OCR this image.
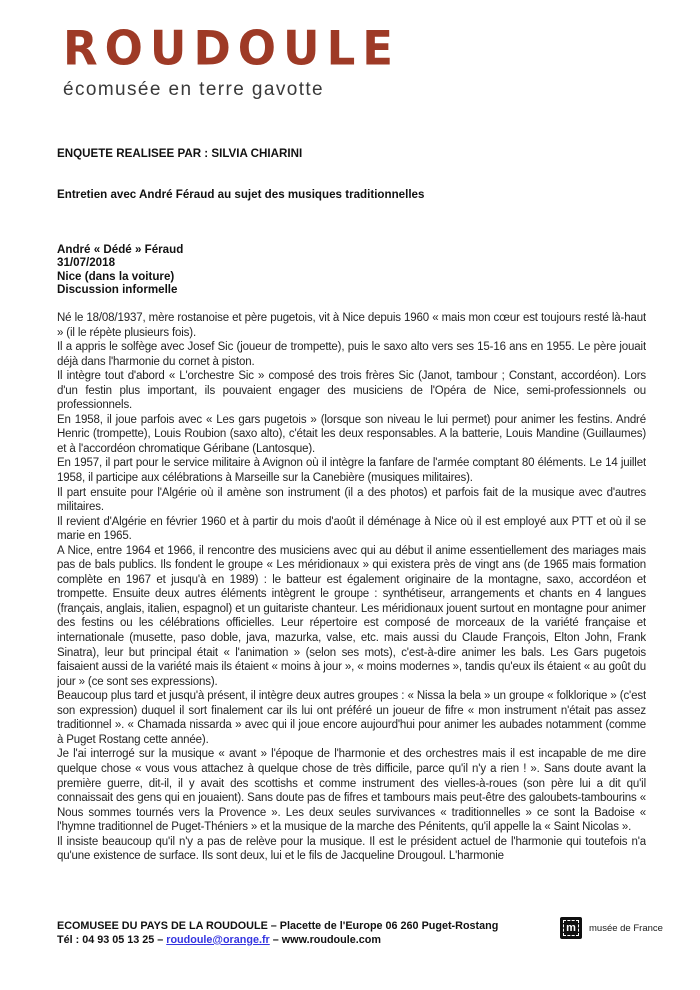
ROUDOULE
écomusée en terre gavotte
ENQUETE REALISEE PAR : SILVIA CHIARINI
Entretien avec André Féraud au sujet des musiques traditionnelles
André « Dédé » Féraud
31/07/2018
Nice (dans la voiture)
Discussion informelle

Né le 18/08/1937, mère rostanoise et père pugetois, vit à Nice depuis 1960 « mais mon cœur est toujours resté là-haut » (il le répète plusieurs fois).

Il a appris le solfège avec Josef Sic (joueur de trompette), puis le saxo alto vers ses 15-16 ans en 1955. Le père jouait déjà dans l'harmonie du cornet à piston.

Il intègre tout d'abord « L'orchestre Sic » composé des trois frères Sic (Janot, tambour ; Constant, accordéon). Lors d'un festin plus important, ils pouvaient engager des musiciens de l'Opéra de Nice, semi-professionnels ou professionnels.

En 1958, il joue parfois avec « Les gars pugetois » (lorsque son niveau le lui permet) pour animer les festins. André Henric (trompette), Louis Roubion (saxo alto), c'était les deux responsables. A la batterie, Louis Mandine (Guillaumes) et à l'accordéon chromatique Géribane (Lantosque).

En 1957, il part pour le service militaire à Avignon où il intègre la fanfare de l'armée comptant 80 éléments. Le 14 juillet 1958, il participe aux célébrations à Marseille sur la Canebière (musiques militaires).

Il part ensuite pour l'Algérie où il amène son instrument (il a des photos) et parfois fait de la musique avec d'autres militaires.

Il revient d'Algérie en février 1960 et à partir du mois d'août il déménage à Nice où il est employé aux PTT et où il se marie en 1965.

A Nice, entre 1964 et 1966, il rencontre des musiciens avec qui au début il anime essentiellement des mariages mais pas de bals publics. Ils fondent le groupe « Les méridionaux » qui existera près de vingt ans (de 1965 mais formation complète en 1967 et jusqu'à en 1989) : le batteur est également originaire de la montagne, saxo, accordéon et trompette. Ensuite deux autres éléments intègrent le groupe : synthétiseur, arrangements et chants en 4 langues (français, anglais, italien, espagnol) et un guitariste chanteur. Les méridionaux jouent surtout en montagne pour animer des festins ou les célébrations officielles. Leur répertoire est composé de morceaux de la variété française et internationale (musette, paso doble, java, mazurka, valse, etc. mais aussi du Claude François, Elton John, Frank Sinatra), leur but principal était « l'animation » (selon ses mots), c'est-à-dire animer les bals. Les Gars pugetois faisaient aussi de la variété mais ils étaient « moins à jour », « moins modernes », tandis qu'eux ils étaient « au goût du jour » (ce sont ses expressions).

Beaucoup plus tard et jusqu'à présent, il intègre deux autres groupes : « Nissa la bela » un groupe « folklorique » (c'est son expression) duquel il sort finalement car ils lui ont préféré un joueur de fifre « mon instrument n'était pas assez traditionnel ». « Chamada nissarda » avec qui il joue encore aujourd'hui pour animer les aubades notamment (comme à Puget Rostang cette année).

Je l'ai interrogé sur la musique « avant » l'époque de l'harmonie et des orchestres mais il est incapable de me dire quelque chose « vous vous attachez à quelque chose de très difficile, parce qu'il n'y a rien ! ». Sans doute avant la première guerre, dit-il, il y avait des scottishs et comme instrument des vielles-à-roues (son père lui a dit qu'il connaissait des gens qui en jouaient). Sans doute pas de fifres et tambours mais peut-être des galoubets-tambourins « Nous sommes tournés vers la Provence ». Les deux seules survivances « traditionnelles » ce sont la Badoise « l'hymne traditionnel de Puget-Théniers » et la musique de la marche des Pénitents, qu'il appelle la « Saint Nicolas ».

Il insiste beaucoup qu'il n'y a pas de relève pour la musique. Il est le président actuel de l'harmonie qui toutefois n'a qu'une existence de surface. Ils sont deux, lui et le fils de Jacqueline Drougoul. L'harmonie

ECOMUSEE DU PAYS DE LA ROUDOULE – Placette de l'Europe 06 260 Puget-Rostang
Tél : 04 93 05 13 25 – roudoule@orange.fr – www.roudoule.com
m musée de France
